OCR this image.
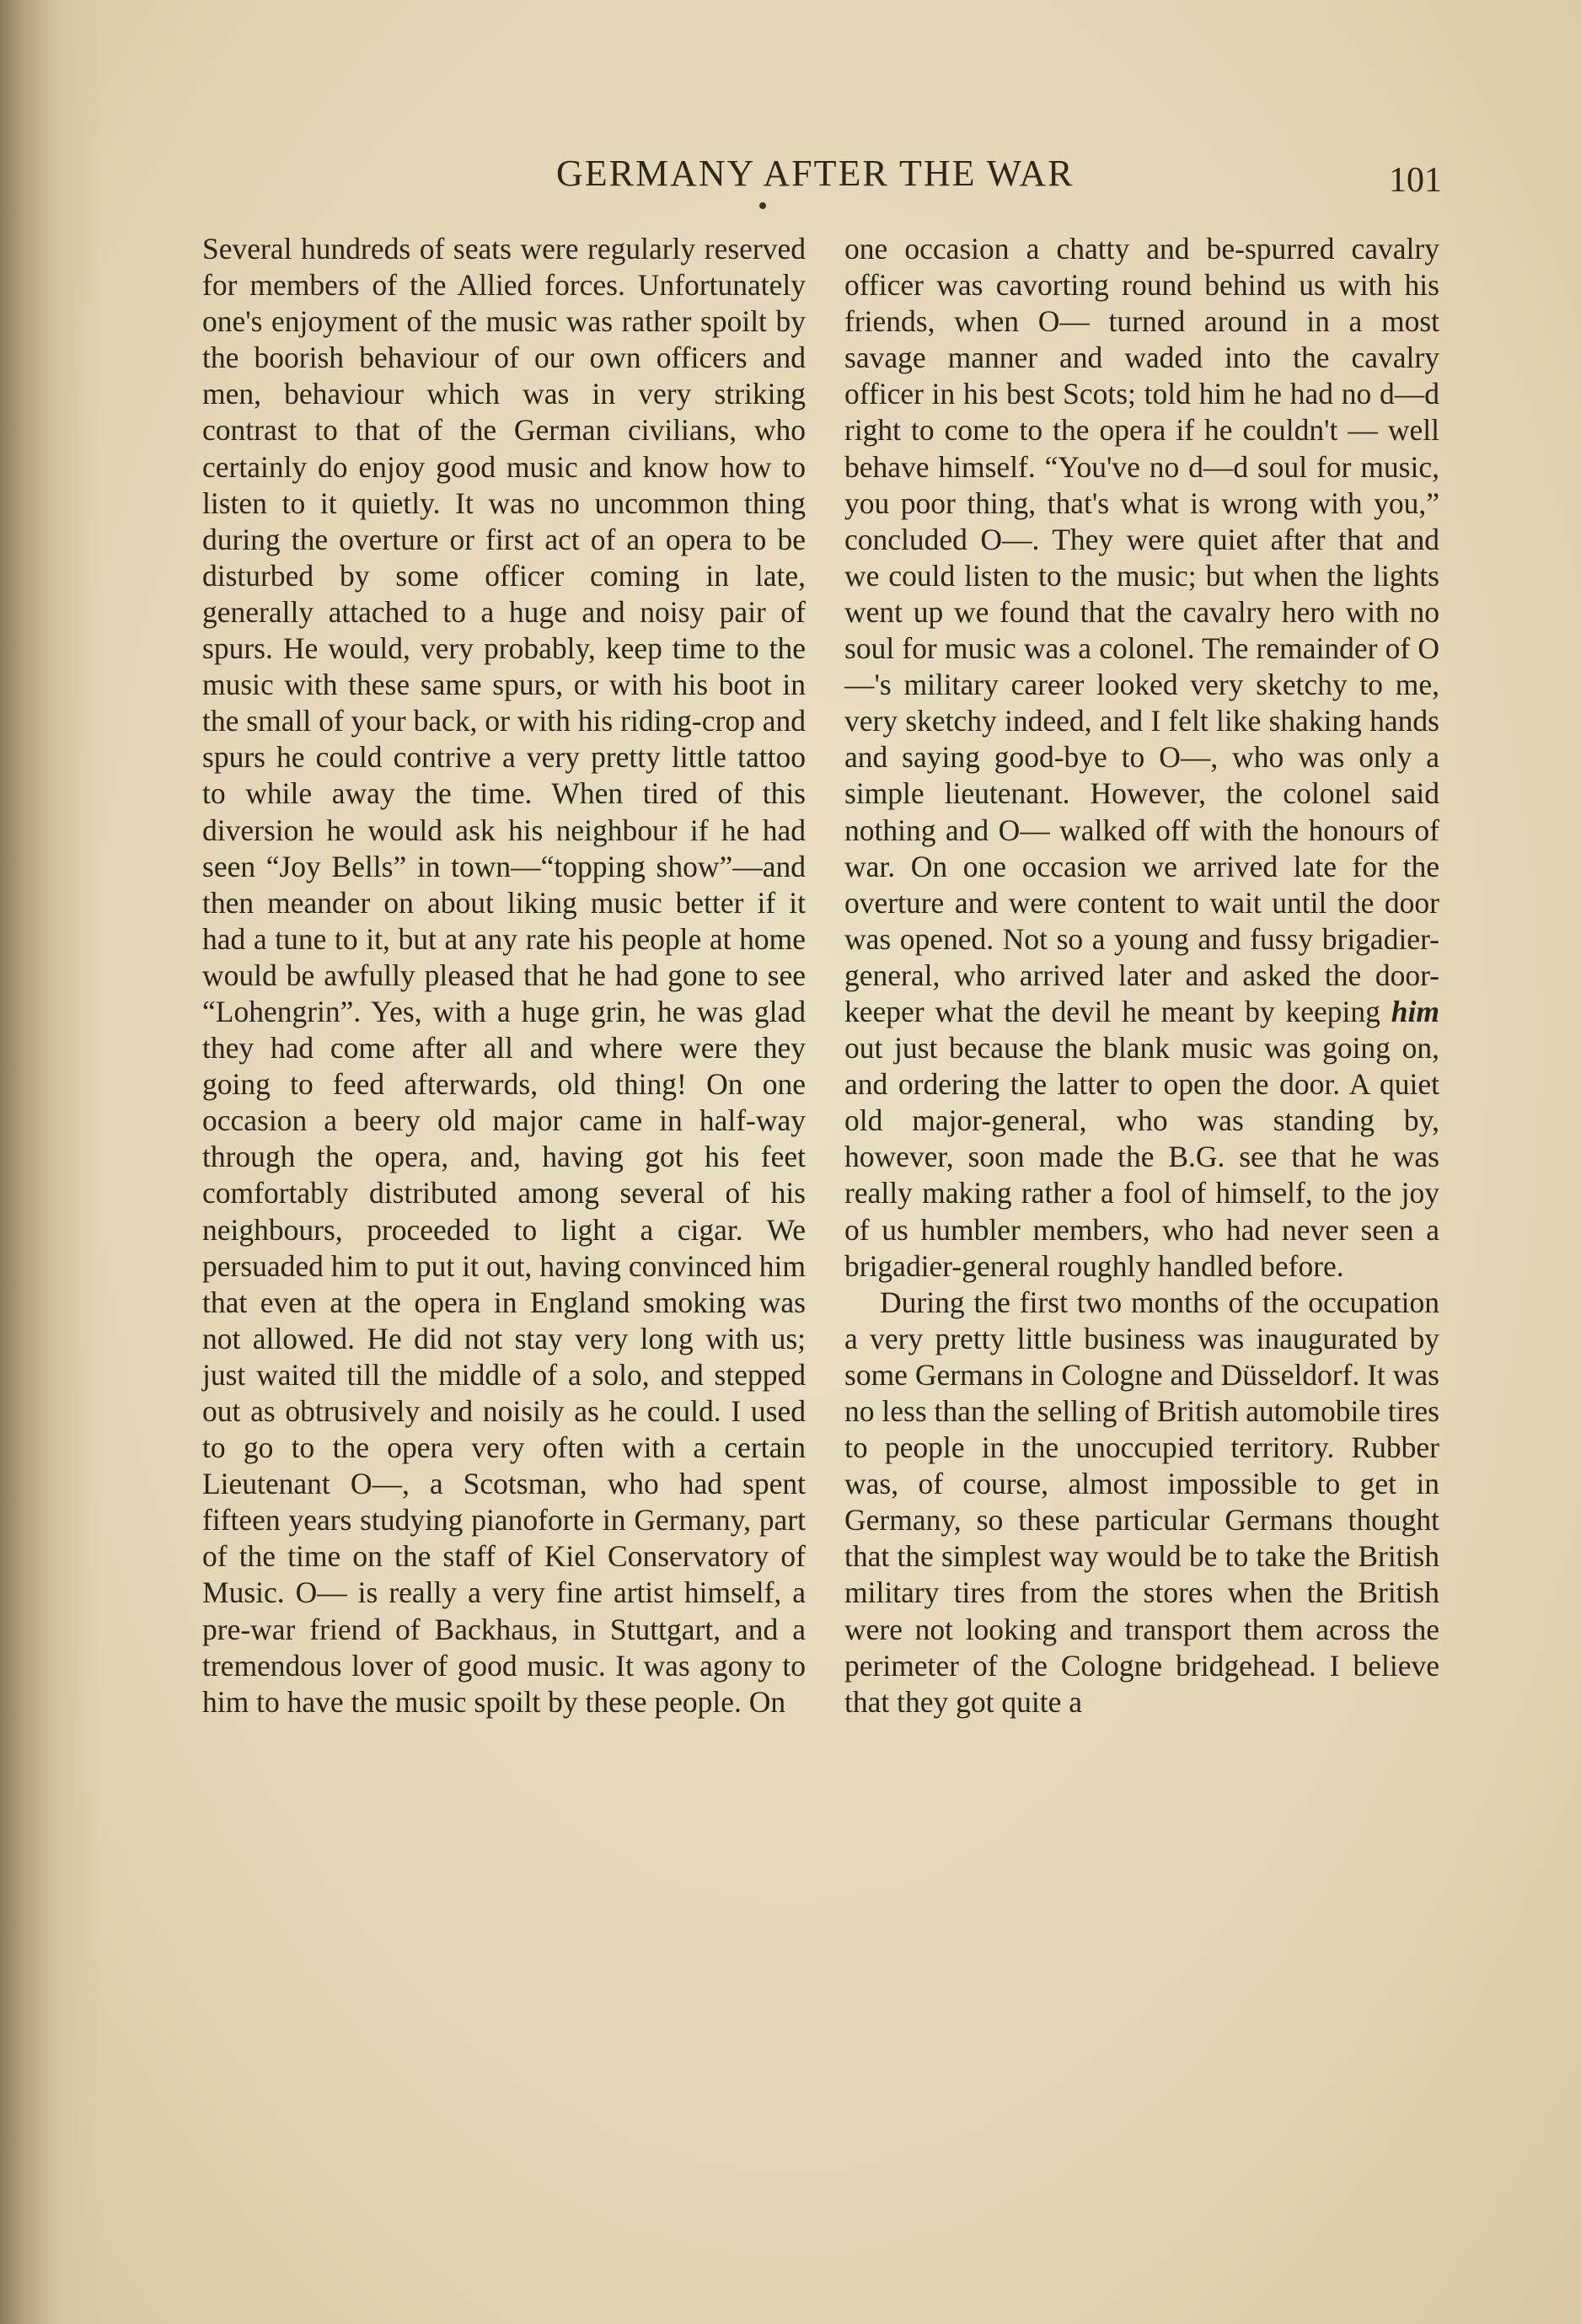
GERMANY AFTER THE WAR	101

Several hundreds of seats were regularly reserved for members of the Allied forces. Unfortunately one's enjoyment of the music was rather spoilt by the boorish behaviour of our own officers and men, behaviour which was in very striking contrast to that of the German civilians, who certainly do enjoy good music and know how to listen to it quietly. It was no uncommon thing during the overture or first act of an opera to be disturbed by some officer coming in late, generally attached to a huge and noisy pair of spurs. He would, very probably, keep time to the music with these same spurs, or with his boot in the small of your back, or with his riding-crop and spurs he could contrive a very pretty little tattoo to while away the time. When tired of this diversion he would ask his neighbour if he had seen “Joy Bells” in town—“topping show”—and then meander on about liking music better if it had a tune to it, but at any rate his people at home would be awfully pleased that he had gone to see “Lohengrin”. Yes, with a huge grin, he was glad they had come after all and where were they going to feed afterwards, old thing! On one occasion a beery old major came in half-way through the opera, and, having got his feet comfortably distributed among several of his neighbours, proceeded to light a cigar. We persuaded him to put it out, having convinced him that even at the opera in England smoking was not allowed. He did not stay very long with us; just waited till the middle of a solo, and stepped out as obtrusively and noisily as he could. I used to go to the opera very often with a certain Lieutenant O—, a Scotsman, who had spent fifteen years studying pianoforte in Germany, part of the time on the staff of Kiel Conservatory of Music. O— is really a very fine artist himself, a pre-war friend of Backhaus, in Stuttgart, and a tremendous lover of good music. It was agony to him to have the music spoilt by these people. On

one occasion a chatty and be-spurred cavalry officer was cavorting round behind us with his friends, when O— turned around in a most savage manner and waded into the cavalry officer in his best Scots; told him he had no d—d right to come to the opera if he couldn't — well behave himself. “You've no d—d soul for music, you poor thing, that's what is wrong with you,” concluded O—. They were quiet after that and we could listen to the music; but when the lights went up we found that the cavalry hero with no soul for music was a colonel. The remainder of O—'s military career looked very sketchy to me, very sketchy indeed, and I felt like shaking hands and saying good-bye to O—, who was only a simple lieutenant. However, the colonel said nothing and O— walked off with the honours of war. On one occasion we arrived late for the overture and were content to wait until the door was opened. Not so a young and fussy brigadier-general, who arrived later and asked the door-keeper what the devil he meant by keeping him out just because the blank music was going on, and ordering the latter to open the door. A quiet old major-general, who was standing by, however, soon made the B.G. see that he was really making rather a fool of himself, to the joy of us humbler members, who had never seen a brigadier-general roughly handled before.

During the first two months of the occupation a very pretty little business was inaugurated by some Germans in Cologne and Düsseldorf. It was no less than the selling of British automobile tires to people in the unoccupied territory. Rubber was, of course, almost impossible to get in Germany, so these particular Germans thought that the simplest way would be to take the British military tires from the stores when the British were not looking and transport them across the perimeter of the Cologne bridgehead. I believe that they got quite a
